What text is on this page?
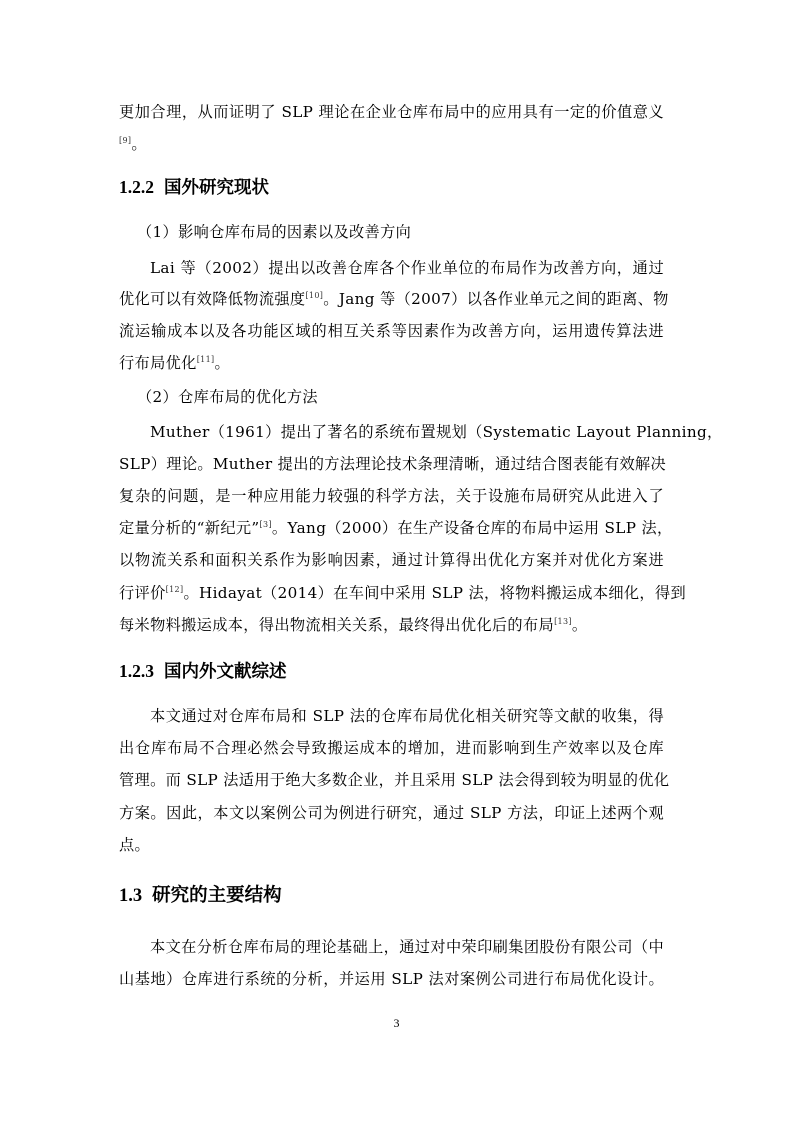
更加合理，从而证明了 SLP 理论在企业仓库布局中的应用具有一定的价值意义
[9]。
1.2.2 国外研究现状
（1）影响仓库布局的因素以及改善方向
Lai 等（2002）提出以改善仓库各个作业单位的布局作为改善方向，通过
优化可以有效降低物流强度[10]。Jang 等（2007）以各作业单元之间的距离、物
流运输成本以及各功能区域的相互关系等因素作为改善方向，运用遗传算法进
行布局优化[11]。
（2）仓库布局的优化方法
Muther（1961）提出了著名的系统布置规划（Systematic Layout Planning，
SLP）理论。Muther 提出的方法理论技术条理清晰，通过结合图表能有效解决
复杂的问题，是一种应用能力较强的科学方法，关于设施布局研究从此进入了
定量分析的“新纪元”[3]。Yang（2000）在生产设备仓库的布局中运用 SLP 法，
以物流关系和面积关系作为影响因素，通过计算得出优化方案并对优化方案进
行评价[12]。Hidayat（2014）在车间中采用 SLP 法，将物料搬运成本细化，得到
每米物料搬运成本，得出物流相关关系，最终得出优化后的布局[13]。
1.2.3 国内外文献综述
本文通过对仓库布局和 SLP 法的仓库布局优化相关研究等文献的收集，得
出仓库布局不合理必然会导致搬运成本的增加，进而影响到生产效率以及仓库
管理。而 SLP 法适用于绝大多数企业，并且采用 SLP 法会得到较为明显的优化
方案。因此，本文以案例公司为例进行研究，通过 SLP 方法，印证上述两个观
点。
1.3 研究的主要结构
本文在分析仓库布局的理论基础上，通过对中荣印刷集团股份有限公司（中
山基地）仓库进行系统的分析，并运用 SLP 法对案例公司进行布局优化设计。
3
